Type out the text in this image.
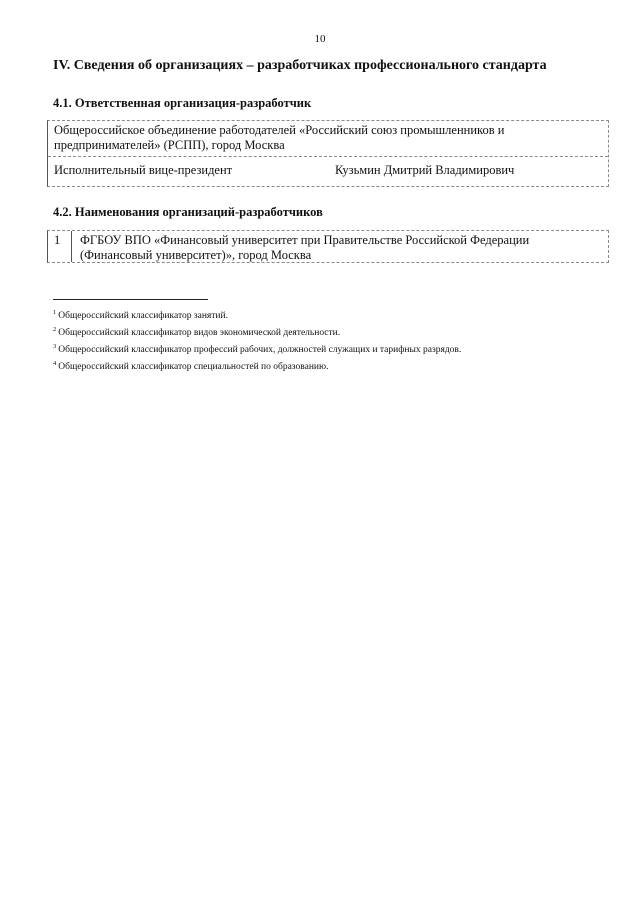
10
IV. Сведения об организациях – разработчиках профессионального стандарта
4.1. Ответственная организация-разработчик
Общероссийское объединение работодателей «Российский союз промышленников и предпринимателей» (РСПП), город Москва
Исполнительный вице-президент	Кузьмин Дмитрий Владимирович
4.2. Наименования организаций-разработчиков
1 ФГБОУ ВПО «Финансовый университет при Правительстве Российской Федерации (Финансовый университет)», город Москва
$^1$ Общероссийский классификатор занятий.
$^2$ Общероссийский классификатор видов экономической деятельности.
$^3$ Общероссийский классификатор профессий рабочих, должностей служащих и тарифных разрядов.
$^4$ Общероссийский классификатор специальностей по образованию.
